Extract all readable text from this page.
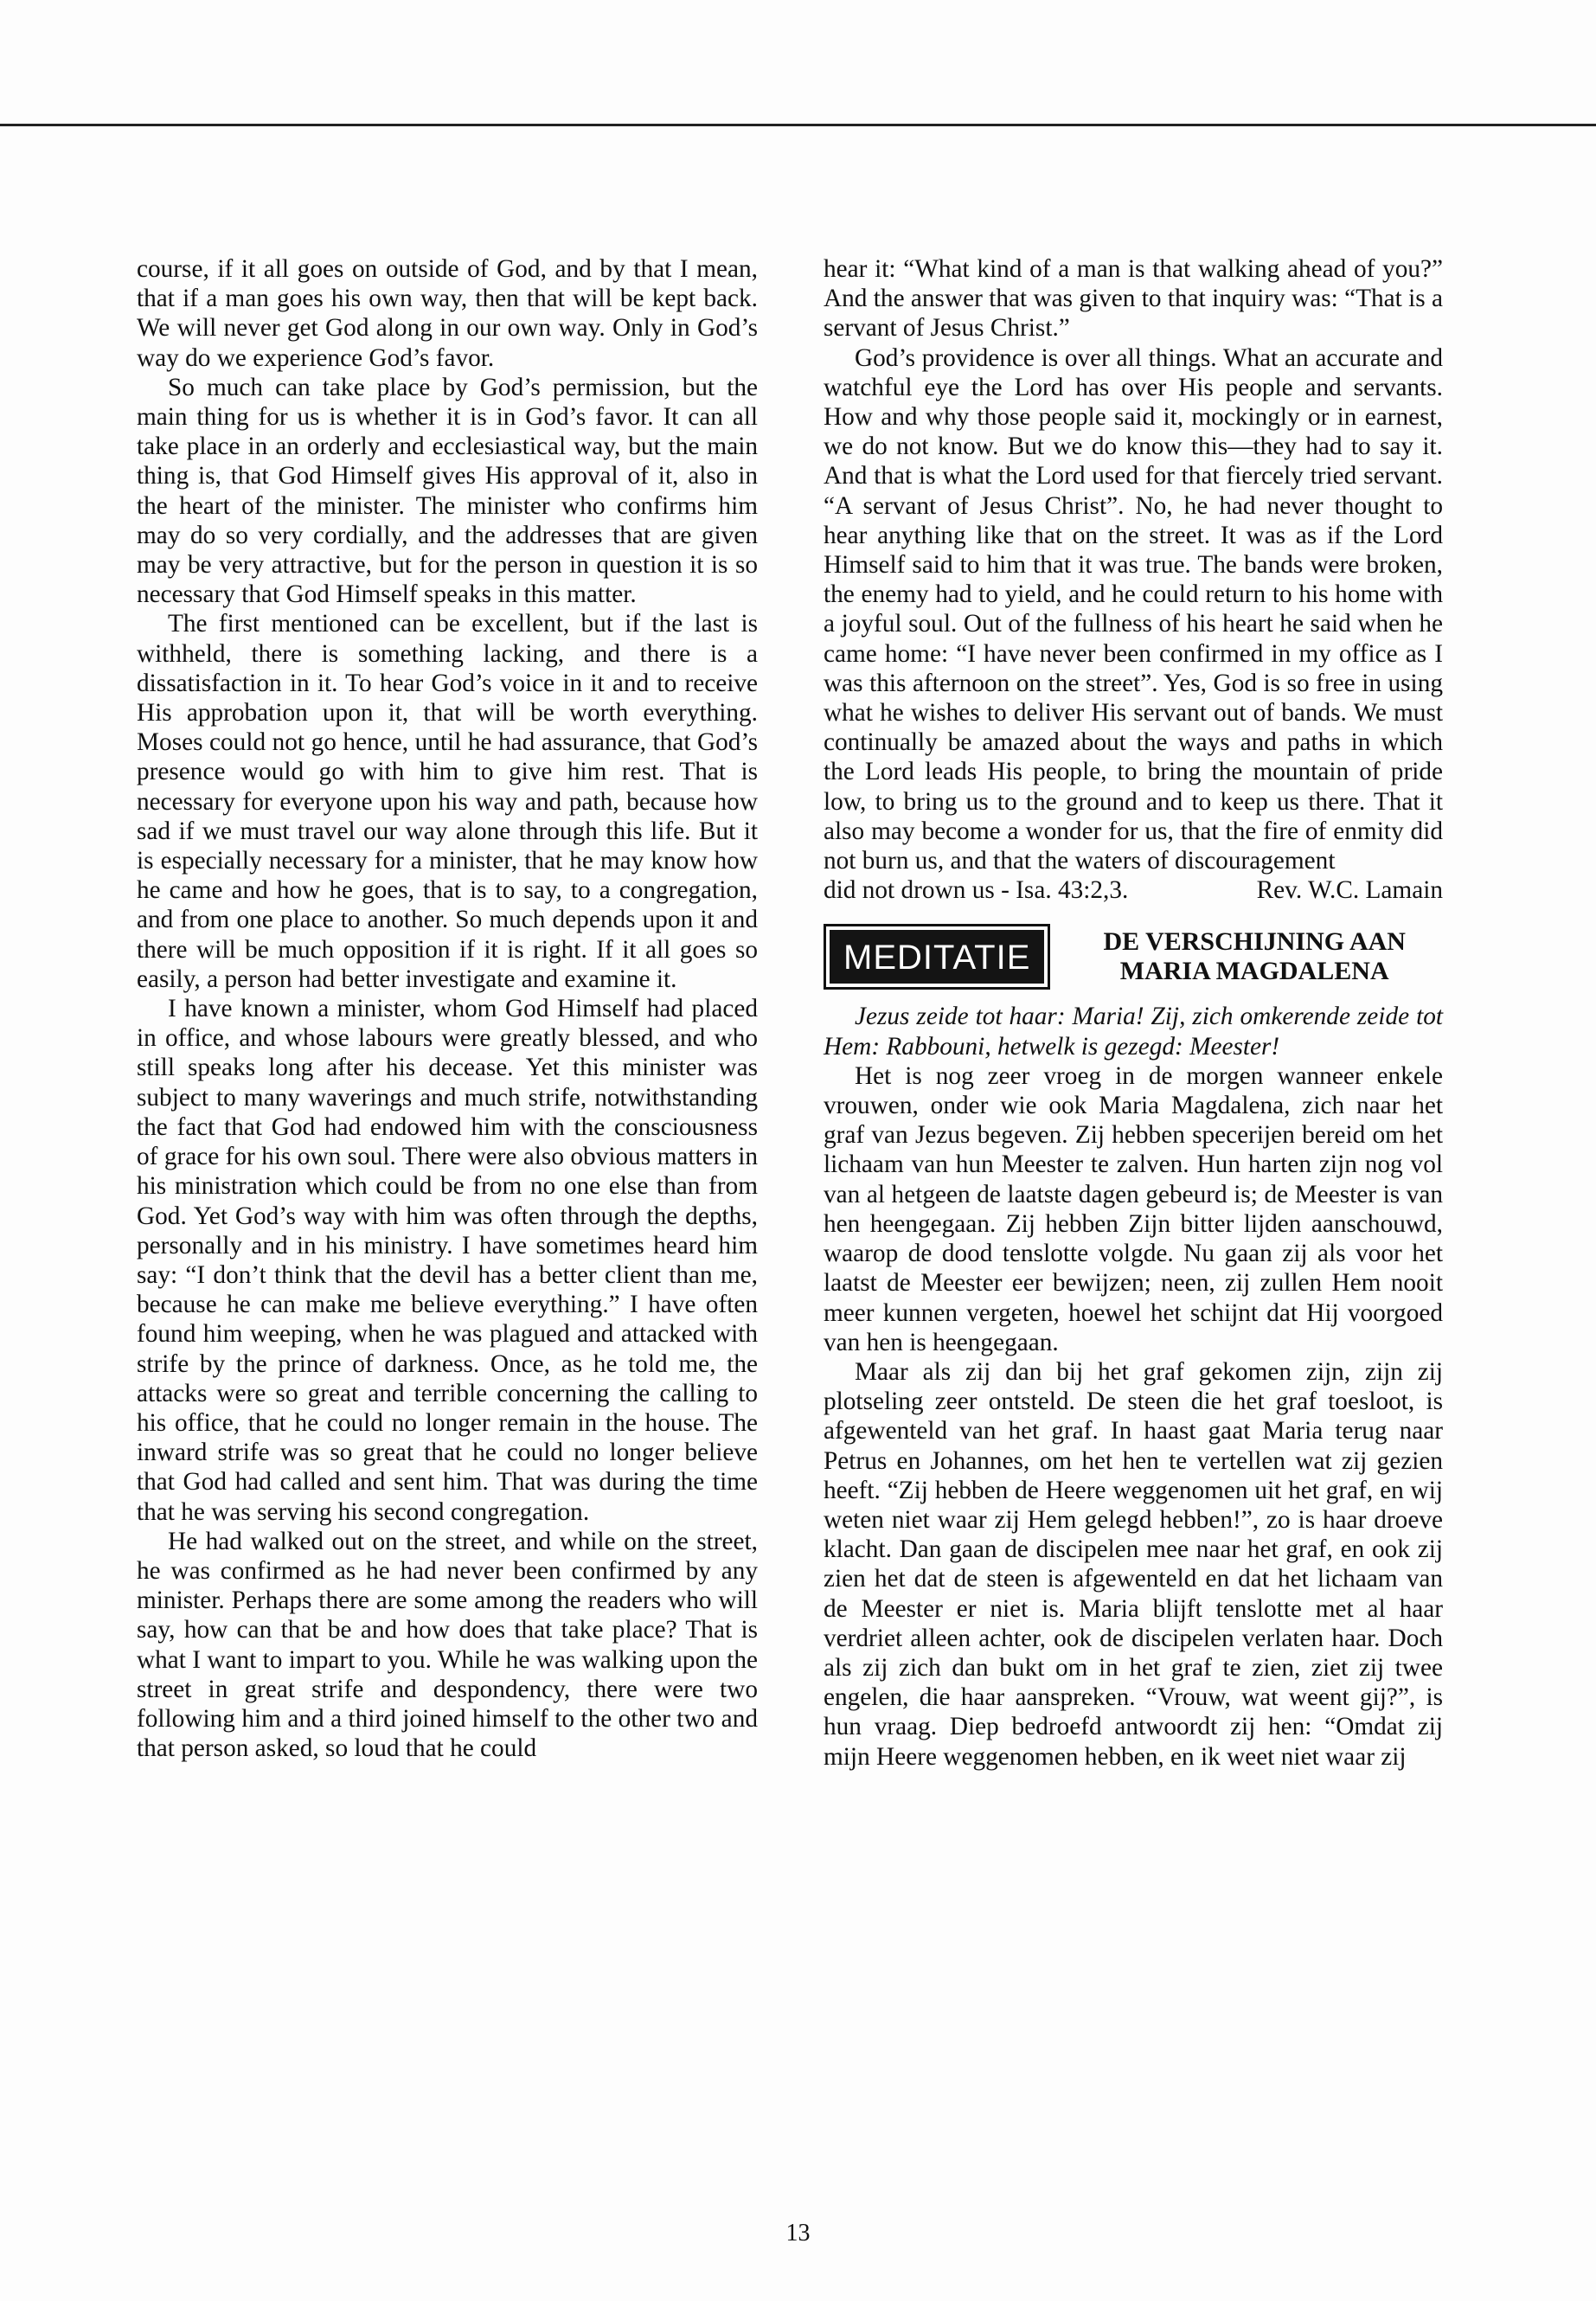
course, if it all goes on outside of God, and by that I mean, that if a man goes his own way, then that will be kept back. We will never get God along in our own way. Only in God’s way do we experience God’s favor.

So much can take place by God’s permission, but the main thing for us is whether it is in God’s favor. It can all take place in an orderly and ecclesiastical way, but the main thing is, that God Himself gives His approval of it, also in the heart of the minister. The minister who confirms him may do so very cordially, and the addresses that are given may be very attractive, but for the person in question it is so necessary that God Himself speaks in this matter.

The first mentioned can be excellent, but if the last is withheld, there is something lacking, and there is a dissatisfaction in it. To hear God’s voice in it and to receive His approbation upon it, that will be worth everything. Moses could not go hence, until he had assurance, that God’s presence would go with him to give him rest. That is necessary for everyone upon his way and path, because how sad if we must travel our way alone through this life. But it is especially necessary for a minister, that he may know how he came and how he goes, that is to say, to a congregation, and from one place to another. So much depends upon it and there will be much opposition if it is right. If it all goes so easily, a person had better investigate and examine it.

I have known a minister, whom God Himself had placed in office, and whose labours were greatly blessed, and who still speaks long after his decease. Yet this minister was subject to many waverings and much strife, notwithstanding the fact that God had endowed him with the consciousness of grace for his own soul. There were also obvious matters in his ministration which could be from no one else than from God. Yet God’s way with him was often through the depths, personally and in his ministry. I have sometimes heard him say: “I don’t think that the devil has a better client than me, because he can make me believe everything.” I have often found him weeping, when he was plagued and attacked with strife by the prince of darkness. Once, as he told me, the attacks were so great and terrible concerning the calling to his office, that he could no longer remain in the house. The inward strife was so great that he could no longer believe that God had called and sent him. That was during the time that he was serving his second congregation.

He had walked out on the street, and while on the street, he was confirmed as he had never been confirmed by any minister. Perhaps there are some among the readers who will say, how can that be and how does that take place? That is what I want to impart to you. While he was walking upon the street in great strife and despondency, there were two following him and a third joined himself to the other two and that person asked, so loud that he could

hear it: “What kind of a man is that walking ahead of you?” And the answer that was given to that inquiry was: “That is a servant of Jesus Christ.”

God’s providence is over all things. What an accurate and watchful eye the Lord has over His people and servants. How and why those people said it, mockingly or in earnest, we do not know. But we do know this—they had to say it. And that is what the Lord used for that fiercely tried servant. “A servant of Jesus Christ”. No, he had never thought to hear anything like that on the street. It was as if the Lord Himself said to him that it was true. The bands were broken, the enemy had to yield, and he could return to his home with a joyful soul. Out of the fullness of his heart he said when he came home: “I have never been confirmed in my office as I was this afternoon on the street”. Yes, God is so free in using what he wishes to deliver His servant out of bands. We must continually be amazed about the ways and paths in which the Lord leads His people, to bring the mountain of pride low, to bring us to the ground and to keep us there. That it also may become a wonder for us, that the fire of enmity did not burn us, and that the waters of discouragement

did not drown us - Isa. 43:2,3.	Rev. W.C. Lamain
MEDITATIE	DE VERSCHIJNING AAN
MARIA MAGDALENA

Jezus zeide tot haar: Maria! Zij, zich omkerende zeide tot Hem: Rabbouni, hetwelk is gezegd: Meester!

Het is nog zeer vroeg in de morgen wanneer enkele vrouwen, onder wie ook Maria Magdalena, zich naar het graf van Jezus begeven. Zij hebben specerijen bereid om het lichaam van hun Meester te zalven. Hun harten zijn nog vol van al hetgeen de laatste dagen gebeurd is; de Meester is van hen heengegaan. Zij hebben Zijn bitter lijden aanschouwd, waarop de dood tenslotte volgde. Nu gaan zij als voor het laatst de Meester eer bewijzen; neen, zij zullen Hem nooit meer kunnen vergeten, hoewel het schijnt dat Hij voorgoed van hen is heengegaan.

Maar als zij dan bij het graf gekomen zijn, zijn zij plotseling zeer ontsteld. De steen die het graf toesloot, is afgewenteld van het graf. In haast gaat Maria terug naar Petrus en Johannes, om het hen te vertellen wat zij gezien heeft. “Zij hebben de Heere weggenomen uit het graf, en wij weten niet waar zij Hem gelegd hebben!”, zo is haar droeve klacht. Dan gaan de discipelen mee naar het graf, en ook zij zien het dat de steen is afgewenteld en dat het lichaam van de Meester er niet is. Maria blijft tenslotte met al haar verdriet alleen achter, ook de discipelen verlaten haar. Doch als zij zich dan bukt om in het graf te zien, ziet zij twee engelen, die haar aanspreken. “Vrouw, wat weent gij?”, is hun vraag. Diep bedroefd antwoordt zij hen: “Omdat zij mijn Heere weggenomen hebben, en ik weet niet waar zij

13
